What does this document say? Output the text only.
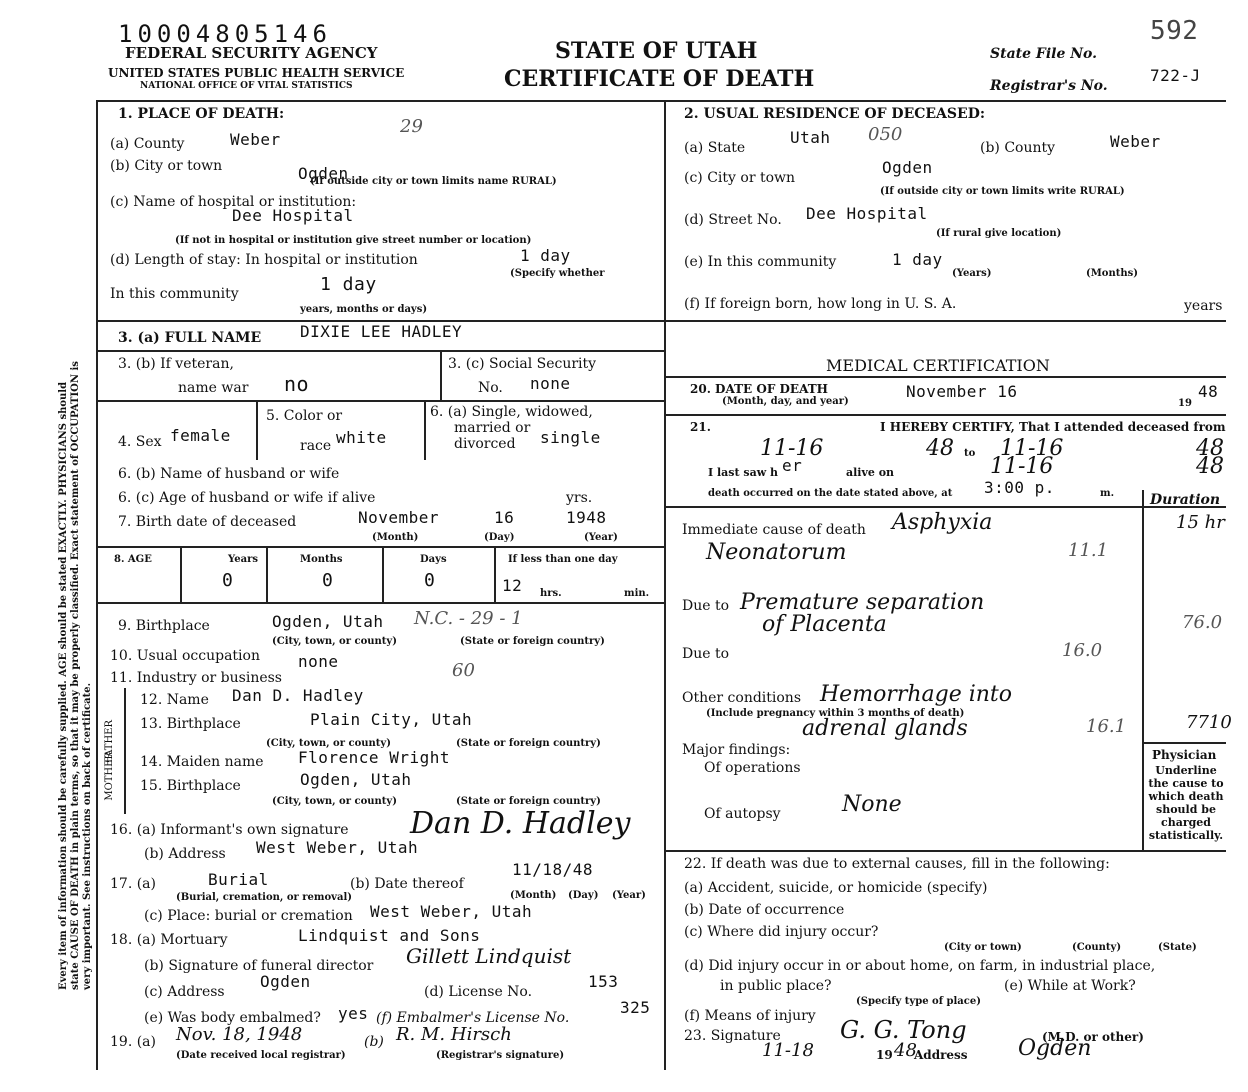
Every item of information should be carefully supplied. AGE should be stated EXACTLY. PHYSICIANS should state CAUSE OF DEATH in plain terms, so that it may be properly classified. Exact statement of OCCUPATION is very important. See instructions on back of certificate.
10004805146
FEDERAL SECURITY AGENCY
UNITED STATES PUBLIC HEALTH SERVICE
NATIONAL OFFICE OF VITAL STATISTICS
STATE OF UTAH
CERTIFICATE OF DEATH
State File No.
592
Registrar's No.
722-J
1. PLACE OF DEATH:
(a) County	Weber
29
(b) City or town	Ogden
(If outside city or town limits name RURAL)
(c) Name of hospital or institution:
Dee Hospital
(If not in hospital or institution give street number or location)
(d) Length of stay: In hospital or institution	1 day
(Specify whether
In this community	1 day
years, months or days)
2. USUAL RESIDENCE OF DECEASED:
(a) State
Utah 050
(b) County	Weber
(c) City or town
Ogden
(If outside city or town limits write RURAL)
(d) Street No. Dee Hospital
(If rural give location)
(e) In this community	1 day
(Years)	(Months)
(f) If foreign born, how long in U. S. A.	years
3. (a) FULL NAME DIXIE LEE HADLEY
3. (b) If veteran,
name war no
3. (c) Social Security
No. none
4. Sex female
5. Color or
race white
6. (a) Single, widowed,
married or
divorced single
6. (b) Name of husband or wife
6. (c) Age of husband or wife if alive	yrs.
7. Birth date of deceased	November	16	1948
(Month)	(Day)	(Year)
8. AGE	Years	Months	Days	If less than one day
0	0	0	12 hrs.	min.
9. Birthplace	Ogden, Utah N.C. - 29 - 1
(City, town, or county)	(State or foreign country)
10. Usual occupation none	60
11. Industry or business
FATHER
12. Name Dan D. Hadley
13. Birthplace	Plain City, Utah
(City, town, or county)	(State or foreign country)
MOTHER 14. Maiden name Florence Wright
15. Birthplace	Ogden, Utah
(City, town, or county)	(State or foreign country)
16. (a) Informant's own signature Dan D. Hadley
(b) Address West Weber, Utah
17. (a)	Burial
(Burial, cremation, or removal)
(b) Date thereof
11/18/48
(Month) (Day) (Year)
(c) Place: burial or cremation West Weber, Utah
18. (a) Mortuary	Lindquist and Sons
(b) Signature of funeral director Gillett Lindquist
(c) Address
Ogden
(d) License No.
153
(e) Was body embalmed? yes (f) Embalmer's License No.
325
19. (a) Nov. 18, 1948	(b) R. M. Hirsch
(Date received local registrar)	(Registrar's signature)
MEDICAL CERTIFICATION
20. DATE OF DEATH
(Month, day, and year)
November 16
19
48
21.	I HEREBY CERTIFY, That I attended deceased from
11-16	48 to 11-16	48
I last saw h er	alive on	11-16	48
death occurred on the date stated above, at 3:00 p.	m.	Duration
Immediate cause of death Asphyxia
Neonatorum	11.1
15 hr
Due to Premature separation
of Placenta	76.0
Due to	16.0
Other conditions
(Include pregnancy within 3 months of death)
Hemorrhage into
adrenal glands	16.1	7710
Major findings:
Of operations
Of autopsy	None
Physician
Underline the cause to which death should be charged statistically.
22. If death was due to external causes, fill in the following:
(a) Accident, suicide, or homicide (specify)
(b) Date of occurrence
(c) Where did injury occur?
(City or town)	(County)	(State)
(d) Did injury occur in or about home, on farm, in industrial place,
in public place?
(Specify type of place)
(e) While at Work?
(f) Means of injury
23. Signature G. G. Tong	(M.D. or other)
11-18	19 48
Address Ogden
